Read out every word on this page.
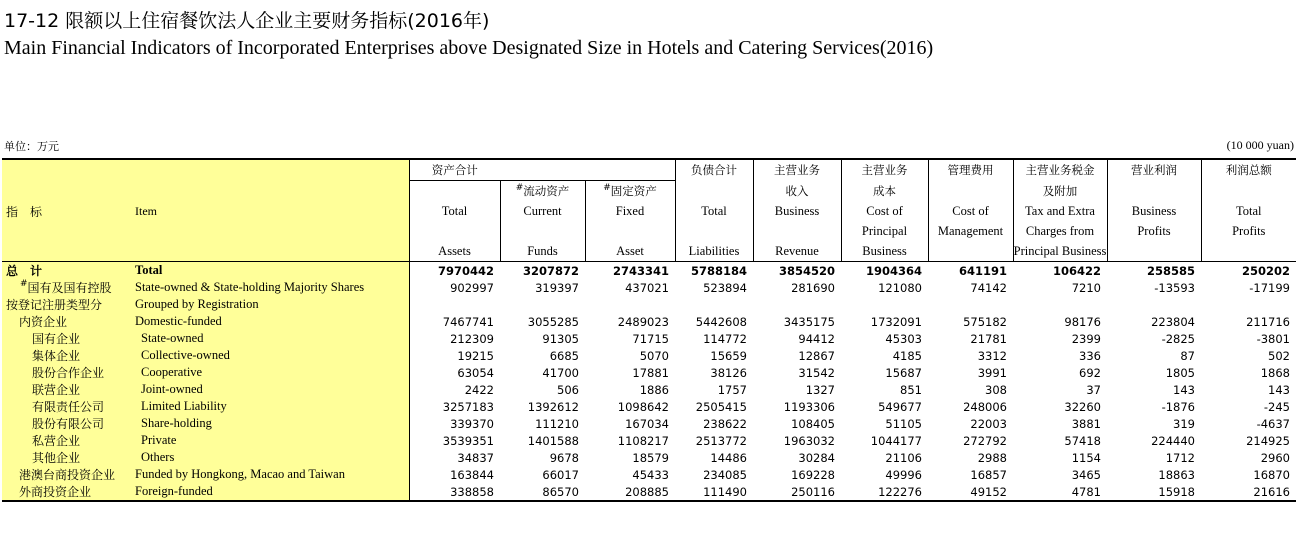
17-12 限额以上住宿餐饮法人企业主要财务指标(2016年)
Main Financial Indicators of Incorporated Enterprises above Designated Size in Hotels and Catering Services(2016)
单位：万元	(10 000 yuan)
		资产合计			负债合计	主营业务	主营业务	管理费用	主营业务税金	营业利润	利润总额
			#流动资产	#固定资产		收入	成本		及附加		
指　标	Item	Total	Current	Fixed	Total	Business	Cost of	Cost of	Tax and Extra	Business	Total
							Principal	Management	Charges from	Profits	Profits
		Assets	Funds	Asset	Liabilities	Revenue	Business		Principal Business		
总　计	Total	7970442	3207872	2743341	5788184	3854520	1904364	641191	106422	258585	250202
#国有及国有控股	State-owned & State-holding Majority Shares	902997	319397	437021	523894	281690	121080	74142	7210	-13593	-17199
按登记注册类型分	Grouped by Registration										
内资企业	Domestic-funded	7467741	3055285	2489023	5442608	3435175	1732091	575182	98176	223804	211716
国有企业	State-owned	212309	91305	71715	114772	94412	45303	21781	2399	-2825	-3801
集体企业	Collective-owned	19215	6685	5070	15659	12867	4185	3312	336	87	502
股份合作企业	Cooperative	63054	41700	17881	38126	31542	15687	3991	692	1805	1868
联营企业	Joint-owned	2422	506	1886	1757	1327	851	308	37	143	143
有限责任公司	Limited Liability	3257183	1392612	1098642	2505415	1193306	549677	248006	32260	-1876	-245
股份有限公司	Share-holding	339370	111210	167034	238622	108405	51105	22003	3881	319	-4637
私营企业	Private	3539351	1401588	1108217	2513772	1963032	1044177	272792	57418	224440	214925
其他企业	Others	34837	9678	18579	14486	30284	21106	2988	1154	1712	2960
港澳台商投资企业	Funded by Hongkong, Macao and Taiwan	163844	66017	45433	234085	169228	49996	16857	3465	18863	16870
外商投资企业	Foreign-funded	338858	86570	208885	111490	250116	122276	49152	4781	15918	21616
